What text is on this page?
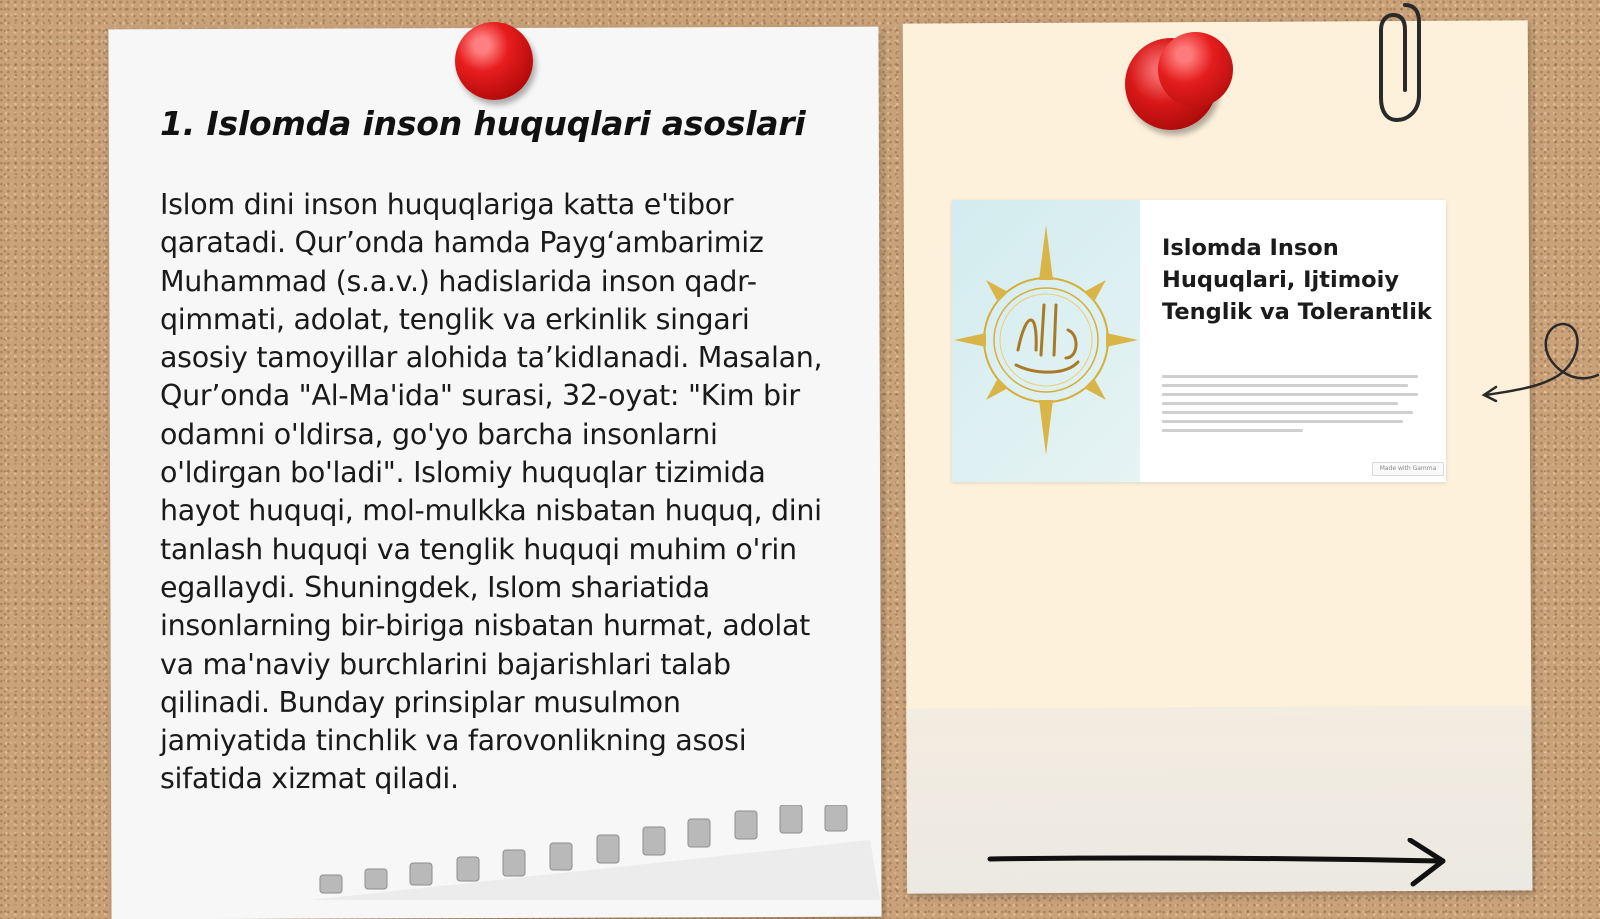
1. Islomda inson huquqlari asoslari

Islom dini inson huquqlariga katta e'tibor qaratadi. Qur’onda hamda Payg‘ambarimiz Muhammad (s.a.v.) hadislarida inson qadr-qimmati, adolat, tenglik va erkinlik singari asosiy tamoyillar alohida ta’kidlanadi. Masalan, Qur’onda "Al-Ma'ida" surasi, 32-oyat: "Kim bir odamni o'ldirsa, go'yo barcha insonlarni o'ldirgan bo'ladi". Islomiy huquqlar tizimida hayot huquqi, mol-mulkka nisbatan huquq, dini tanlash huquqi va tenglik huquqi muhim o'rin egallaydi. Shuningdek, Islom shariatida insonlarning bir-biriga nisbatan hurmat, adolat va ma'naviy burchlarini bajarishlari talab qilinadi. Bunday prinsiplar musulmon jamiyatida tinchlik va farovonlikning asosi sifatida xizmat qiladi.

Islomda Inson Huquqlari, Ijtimoiy Tenglik va Tolerantlik
Made with Gamma
